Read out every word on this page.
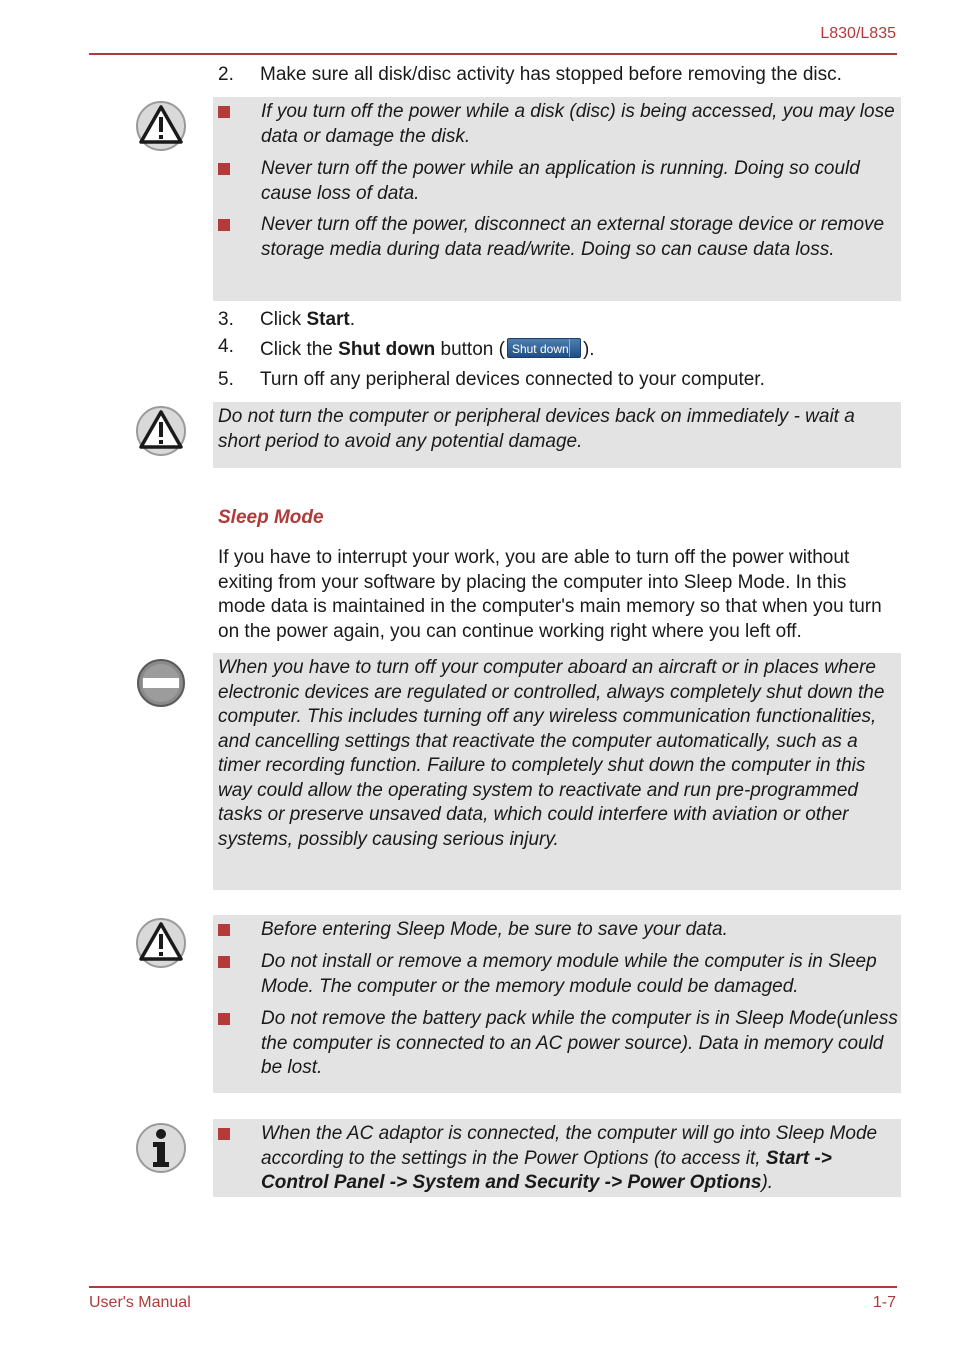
L830/L835
2. Make sure all disk/disc activity has stopped before removing the disc.
If you turn off the power while a disk (disc) is being accessed, you may lose data or damage the disk.
Never turn off the power while an application is running. Doing so could cause loss of data.
Never turn off the power, disconnect an external storage device or remove storage media during data read/write. Doing so can cause data loss.
3. Click Start.
4. Click the Shut down button ( Shut down ).
5. Turn off any peripheral devices connected to your computer.
Do not turn the computer or peripheral devices back on immediately - wait a short period to avoid any potential damage.
Sleep Mode
If you have to interrupt your work, you are able to turn off the power without exiting from your software by placing the computer into Sleep Mode. In this mode data is maintained in the computer's main memory so that when you turn on the power again, you can continue working right where you left off.
When you have to turn off your computer aboard an aircraft or in places where electronic devices are regulated or controlled, always completely shut down the computer. This includes turning off any wireless communication functionalities, and cancelling settings that reactivate the computer automatically, such as a timer recording function. Failure to completely shut down the computer in this way could allow the operating system to reactivate and run pre-programmed tasks or preserve unsaved data, which could interfere with aviation or other systems, possibly causing serious injury.
Before entering Sleep Mode, be sure to save your data.
Do not install or remove a memory module while the computer is in Sleep Mode. The computer or the memory module could be damaged.
Do not remove the battery pack while the computer is in Sleep Mode(unless the computer is connected to an AC power source). Data in memory could be lost.
When the AC adaptor is connected, the computer will go into Sleep Mode according to the settings in the Power Options (to access it, Start -> Control Panel -> System and Security -> Power Options).
User's Manual	1-7
